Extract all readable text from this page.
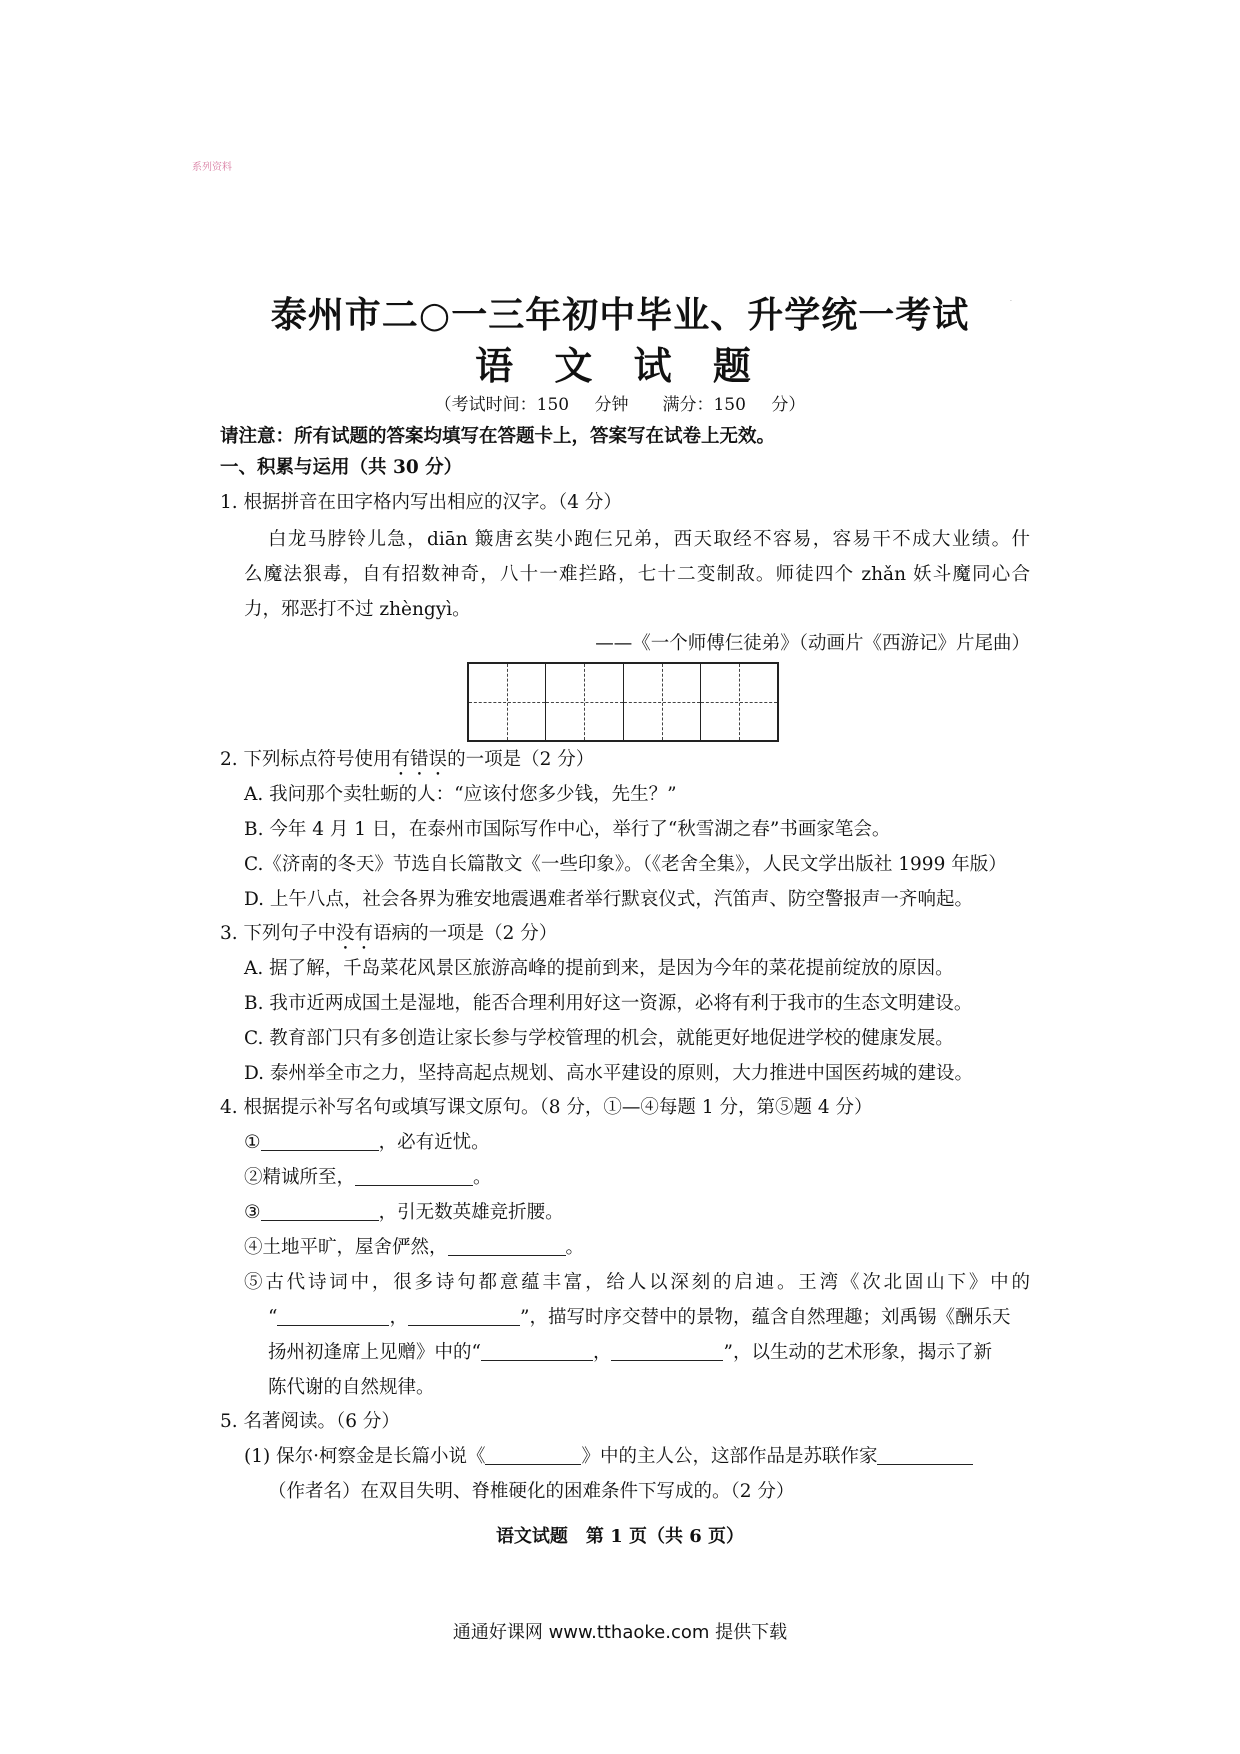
系列资料
·
泰州市二○一三年初中毕业、升学统一考试
语 文 试 题
（考试时间：150 分钟　　满分：150 分）
请注意：所有试题的答案均填写在答题卡上，答案写在试卷上无效。
一、积累与运用（共 30 分）
1. 根据拼音在田字格内写出相应的汉字。（4 分）
白龙马脖铃儿急，diān 簸唐玄奘小跑仨兄弟，西天取经不容易，容易干不成大业绩。什
么魔法狠毒，自有招数神奇，八十一难拦路，七十二变制敌。师徒四个 zhǎn 妖斗魔同心合
力，邪恶打不过 zhèngyì。
——《一个师傅仨徒弟》（动画片《西游记》片尾曲）
2. 下列标点符号使用有错误的一项是（2 分）
A. 我问那个卖牡蛎的人：“应该付您多少钱，先生？”
B. 今年 4 月 1 日，在泰州市国际写作中心，举行了“秋雪湖之春”书画家笔会。
C.《济南的冬天》节选自长篇散文《一些印象》。（《老舍全集》，人民文学出版社 1999 年版）
D. 上午八点，社会各界为雅安地震遇难者举行默哀仪式，汽笛声、防空警报声一齐响起。
3. 下列句子中没有语病的一项是（2 分）
A. 据了解，千岛菜花风景区旅游高峰的提前到来，是因为今年的菜花提前绽放的原因。
B. 我市近两成国土是湿地，能否合理利用好这一资源，必将有利于我市的生态文明建设。
C. 教育部门只有多创造让家长参与学校管理的机会，就能更好地促进学校的健康发展。
D. 泰州举全市之力，坚持高起点规划、高水平建设的原则，大力推进中国医药城的建设。
4. 根据提示补写名句或填写课文原句。（8 分，①—④每题 1 分，第⑤题 4 分）
①	，必有近忧。
②精诚所至，	。
③	，引无数英雄竞折腰。
④土地平旷，屋舍俨然，	。
⑤古代诗词中，很多诗句都意蕴丰富，给人以深刻的启迪。王湾《次北固山下》中的
“	，	”，描写时序交替中的景物，蕴含自然理趣；刘禹锡《酬乐天
扬州初逢席上见赠》中的“	，	”，以生动的艺术形象，揭示了新
陈代谢的自然规律。
5. 名著阅读。（6 分）
(1) 保尔·柯察金是长篇小说《	》中的主人公，这部作品是苏联作家
（作者名）在双目失明、脊椎硬化的困难条件下写成的。（2 分）
语文试题　第 1 页（共 6 页）
通通好课网 www.tthaoke.com 提供下载
